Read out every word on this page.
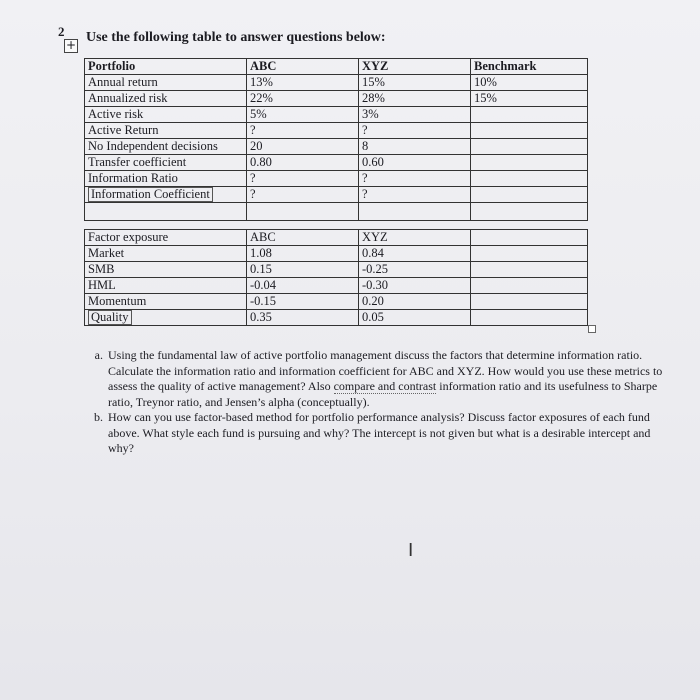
2
+ Use the following table to answer questions below:
Portfolio	ABC	XYZ	Benchmark
Annual return	13%	15%	10%
Annualized risk	22%	28%	15%
Active risk	5%	3%	
Active Return	?	?	
No Independent decisions	20	8	
Transfer coefficient	0.80	0.60	
Information Ratio	?	?	
Information Coefficient	?	?	

Factor exposure	ABC	XYZ	
Market	1.08	0.84	
SMB	0.15	-0.25	
HML	-0.04	-0.30	
Momentum	-0.15	0.20	
Quality	0.35	0.05	
a. Using the fundamental law of active portfolio management discuss the factors that determine information ratio. Calculate the information ratio and information coefficient for ABC and XYZ. How would you use these metrics to assess the quality of active management? Also compare and contrast information ratio and its usefulness to Sharpe ratio, Treynor ratio, and Jensen’s alpha (conceptually).
b. How can you use factor-based method for portfolio performance analysis? Discuss factor exposures of each fund above. What style each fund is pursuing and why? The intercept is not given but what is a desirable intercept and why?
I
